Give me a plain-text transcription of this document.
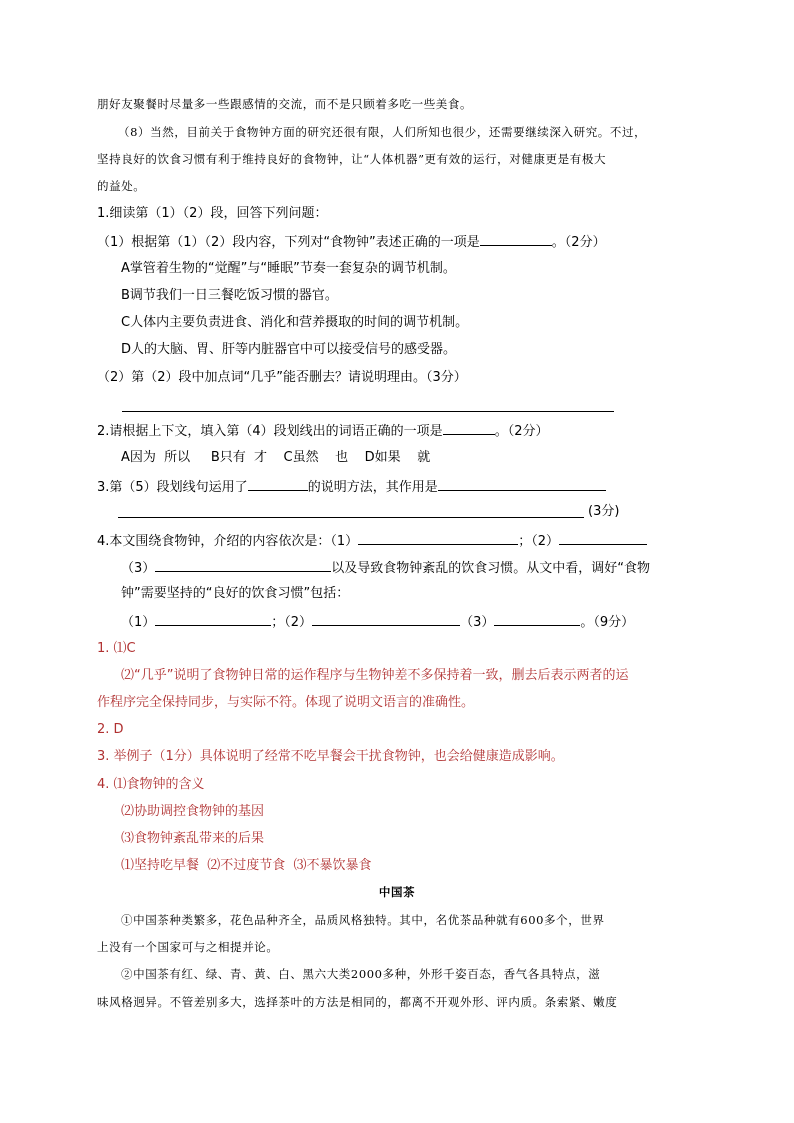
朋好友聚餐时尽量多一些跟感情的交流，而不是只顾着多吃一些美食。
（8）当然，目前关于食物钟方面的研究还很有限，人们所知也很少，还需要继续深入研究。不过，
坚持良好的饮食习惯有利于维持良好的食物钟，让“人体机器”更有效的运行，对健康更是有极大
的益处。
1.细读第（1）（2）段，回答下列问题：
（1）根据第（1）（2）段内容，下列对“食物钟”表述正确的一项是	。（2分）
A掌管着生物的“觉醒”与“睡眠”节奏一套复杂的调节机制。
B调节我们一日三餐吃饭习惯的器官。
C人体内主要负责进食、消化和营养摄取的时间的调节机制。
D人的大脑、胃、肝等内脏器官中可以接受信号的感受器。
（2）第（2）段中加点词“几乎”能否删去？请说明理由。（3分）
2.请根据上下文，填入第（4）段划线出的词语正确的一项是	。（2分）
A因为  所以     B只有  才    C虽然    也    D如果    就
3.第（5）段划线句运用了	的说明方法，其作用是
(3分)
4.本文围绕食物钟，介绍的内容依次是：（1）	；（2）
（3）	以及导致食物钟紊乱的饮食习惯。从文中看，调好“食物
钟”需要坚持的“良好的饮食习惯”包括：
（1）	；（2）	（3）	。（9分）
1. ⑴C
⑵“几乎”说明了食物钟日常的运作程序与生物钟差不多保持着一致，删去后表示两者的运
作程序完全保持同步，与实际不符。体现了说明文语言的准确性。
2. D
3. 举例子（1分）具体说明了经常不吃早餐会干扰食物钟，也会给健康造成影响。
4. ⑴食物钟的含义
⑵协助调控食物钟的基因
⑶食物钟紊乱带来的后果
⑴坚持吃早餐  ⑵不过度节食  ⑶不暴饮暴食
中国茶
①中国茶种类繁多，花色品种齐全，品质风格独特。其中，名优茶品种就有600多个，世界
上没有一个国家可与之相提并论。
②中国茶有红、绿、青、黄、白、黑六大类2000多种，外形千姿百态，香气各具特点，滋
味风格迥异。不管差别多大，选择茶叶的方法是相同的，都离不开观外形、评内质。条索紧、嫩度
